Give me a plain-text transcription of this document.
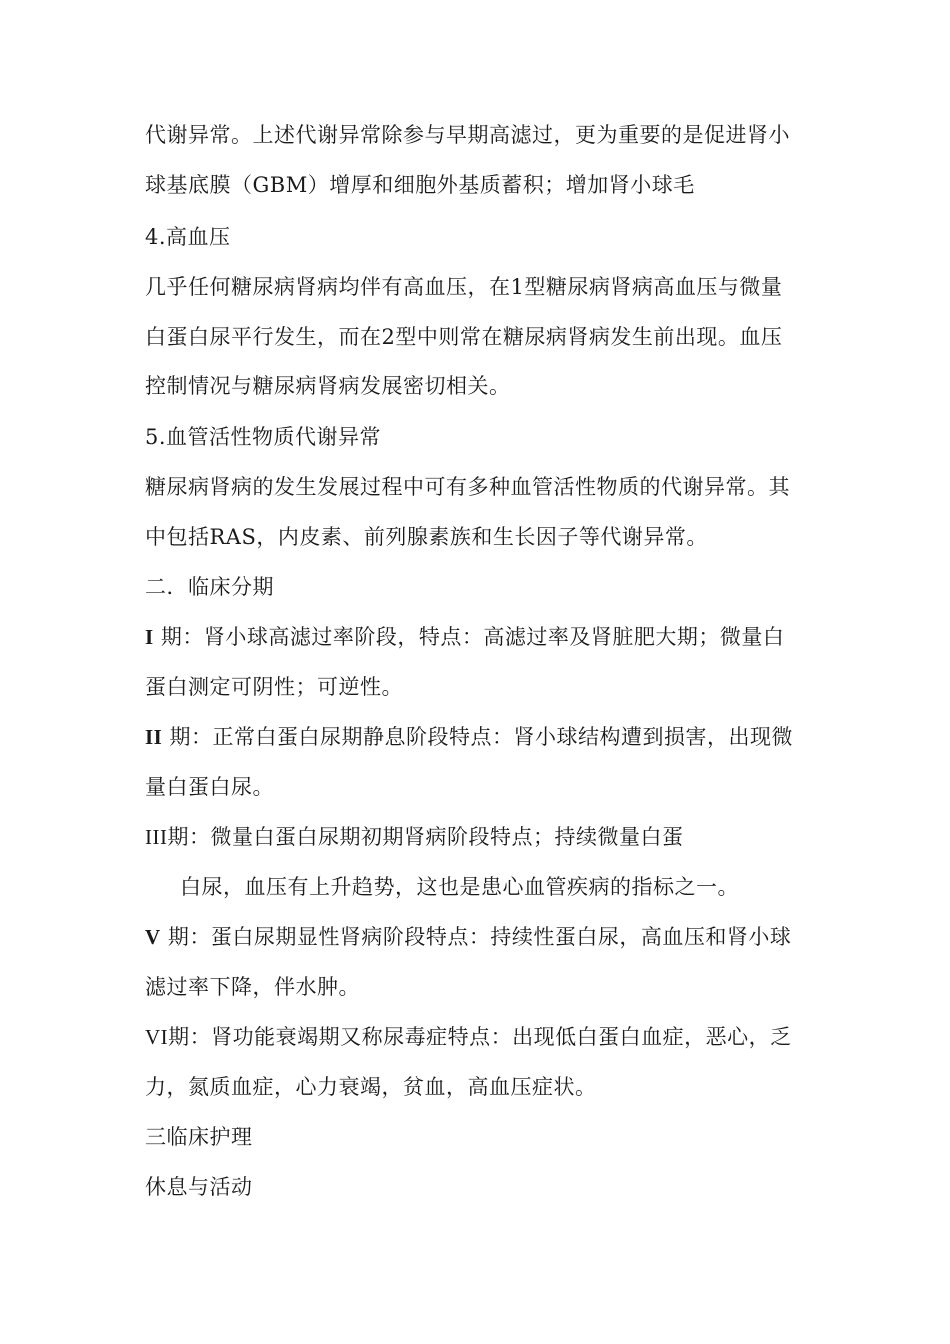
代谢异常。上述代谢异常除参与早期高滤过，更为重要的是促进肾小
球基底膜（GBM）增厚和细胞外基质蓄积；增加肾小球毛
4.高血压
几乎任何糖尿病肾病均伴有高血压，在1型糖尿病肾病高血压与微量
白蛋白尿平行发生，而在2型中则常在糖尿病肾病发生前出现。血压
控制情况与糖尿病肾病发展密切相关。
5.血管活性物质代谢异常
糖尿病肾病的发生发展过程中可有多种血管活性物质的代谢异常。其
中包括RAS，内皮素、前列腺素族和生长因子等代谢异常。
二．临床分期
I 期：肾小球高滤过率阶段，特点：高滤过率及肾脏肥大期；微量白
蛋白测定可阴性；可逆性。
II 期：正常白蛋白尿期静息阶段特点：肾小球结构遭到损害，出现微
量白蛋白尿。
III期：微量白蛋白尿期初期肾病阶段特点；持续微量白蛋
白尿，血压有上升趋势，这也是患心血管疾病的指标之一。
V 期：蛋白尿期显性肾病阶段特点：持续性蛋白尿，高血压和肾小球
滤过率下降，伴水肿。
VI期：肾功能衰竭期又称尿毒症特点：出现低白蛋白血症，恶心，乏
力，氮质血症，心力衰竭，贫血，高血压症状。
三临床护理
休息与活动
